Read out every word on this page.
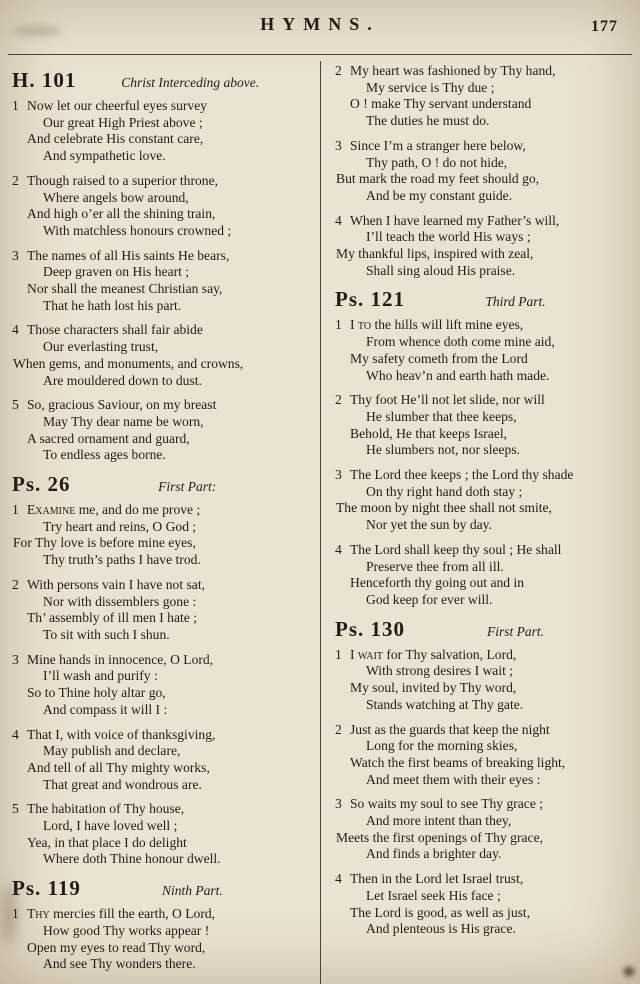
HYMNS.	177
H. 101	Christ Interceding above.
1 Now let our cheerful eyes survey
Our great High Priest above ;
And celebrate His constant care,
And sympathetic love.
2 Though raised to a superior throne,
Where angels bow around,
And high o’er all the shining train,
With matchless honours crowned ;
3 The names of all His saints He bears,
Deep graven on His heart ;
Nor shall the meanest Christian say,
That he hath lost his part.
4 Those characters shall fair abide
Our everlasting trust,
When gems, and monuments, and crowns,
Are mouldered down to dust.
5 So, gracious Saviour, on my breast
May Thy dear name be worn,
A sacred ornament and guard,
To endless ages borne.
Ps. 26	First Part:
1 Examine me, and do me prove ;
Try heart and reins, O God ;
For Thy love is before mine eyes,
Thy truth’s paths I have trod.
2 With persons vain I have not sat,
Nor with dissemblers gone :
Th’ assembly of ill men I hate ;
To sit with such I shun.
3 Mine hands in innocence, O Lord,
I’ll wash and purify :
So to Thine holy altar go,
And compass it will I :
4 That I, with voice of thanksgiving,
May publish and declare,
And tell of all Thy mighty works,
That great and wondrous are.
5 The habitation of Thy house,
Lord, I have loved well ;
Yea, in that place I do delight
Where doth Thine honour dwell.
Ps. 119	Ninth Part.
1 Thy mercies fill the earth, O Lord,
How good Thy works appear !
Open my eyes to read Thy word,
And see Thy wonders there.
2 My heart was fashioned by Thy hand,
My service is Thy due ;
O ! make Thy servant understand
The duties he must do.
3 Since I’m a stranger here below,
Thy path, O ! do not hide,
But mark the road my feet should go,
And be my constant guide.
4 When I have learned my Father’s will,
I’ll teach the world His ways ;
My thankful lips, inspired with zeal,
Shall sing aloud His praise.
Ps. 121	Third Part.
1 I to the hills will lift mine eyes,
From whence doth come mine aid,
My safety cometh from the Lord
Who heav’n and earth hath made.
2 Thy foot He’ll not let slide, nor will
He slumber that thee keeps,
Behold, He that keeps Israel,
He slumbers not, nor sleeps.
3 The Lord thee keeps ; the Lord thy shade
On thy right hand doth stay ;
The moon by night thee shall not smite,
Nor yet the sun by day.
4 The Lord shall keep thy soul ; He shall
Preserve thee from all ill.
Henceforth thy going out and in
God keep for ever will.
Ps. 130	First Part.
1 I wait for Thy salvation, Lord,
With strong desires I wait ;
My soul, invited by Thy word,
Stands watching at Thy gate.
2 Just as the guards that keep the night
Long for the morning skies,
Watch the first beams of breaking light,
And meet them with their eyes :
3 So waits my soul to see Thy grace ;
And more intent than they,
Meets the first openings of Thy grace,
And finds a brighter day.
4 Then in the Lord let Israel trust,
Let Israel seek His face ;
The Lord is good, as well as just,
And plenteous is His grace.
